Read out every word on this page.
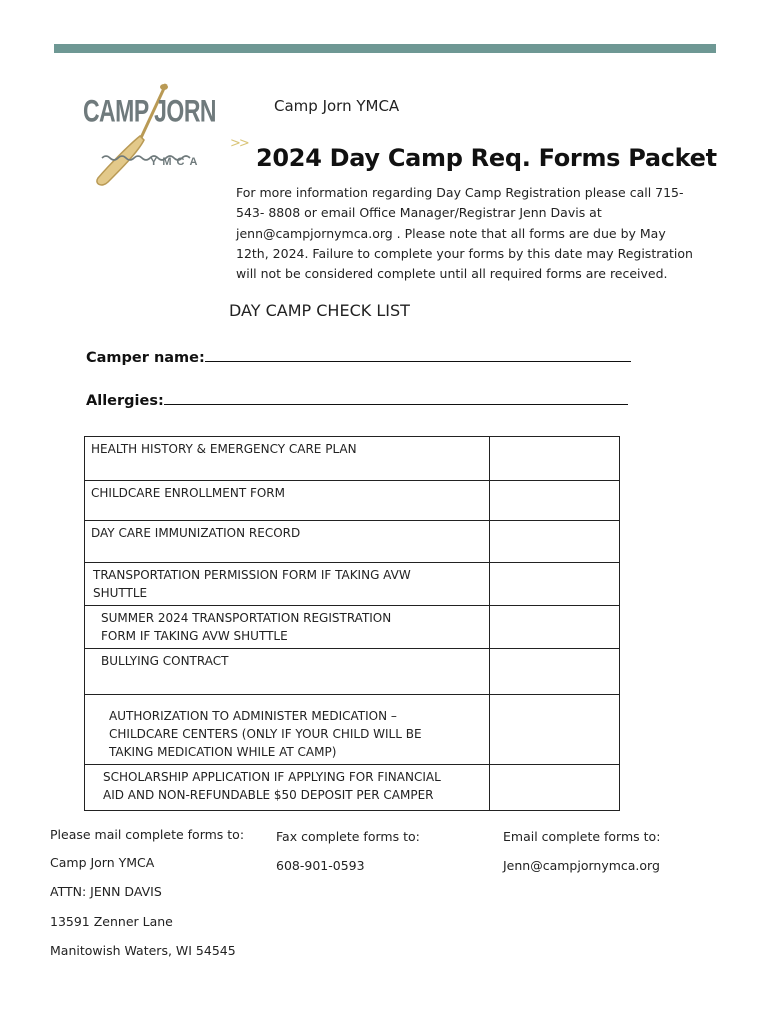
CAMP JORN
YMCA
Camp Jorn YMCA
>>
2024 Day Camp Req. Forms Packet

For more information regarding Day Camp Registration please call 715-
543- 8808 or email Office Manager/Registrar Jenn Davis at
jenn@campjornymca.org . Please note that all forms are due by May
12th, 2024. Failure to complete your forms by this date may Registration
will not be considered complete until all required forms are received.

DAY CAMP CHECK LIST
Camper name:
Allergies:
HEALTH HISTORY & EMERGENCY CARE PLAN	
CHILDCARE ENROLLMENT FORM	
DAY CARE IMMUNIZATION RECORD	
TRANSPORTATION PERMISSION FORM IF TAKING AVW
SHUTTLE	
SUMMER 2024 TRANSPORTATION REGISTRATION
FORM IF TAKING AVW SHUTTLE	
BULLYING CONTRACT	
AUTHORIZATION TO ADMINISTER MEDICATION –
CHILDCARE CENTERS (ONLY IF YOUR CHILD WILL BE
TAKING MEDICATION WHILE AT CAMP)	
SCHOLARSHIP APPLICATION IF APPLYING FOR FINANCIAL
AID AND NON-REFUNDABLE $50 DEPOSIT PER CAMPER	
Please mail complete forms to:
Camp Jorn YMCA
ATTN: JENN DAVIS
13591 Zenner Lane
Manitowish Waters, WI 54545
Fax complete forms to:
608-901-0593
Email complete forms to:
Jenn@campjornymca.org
